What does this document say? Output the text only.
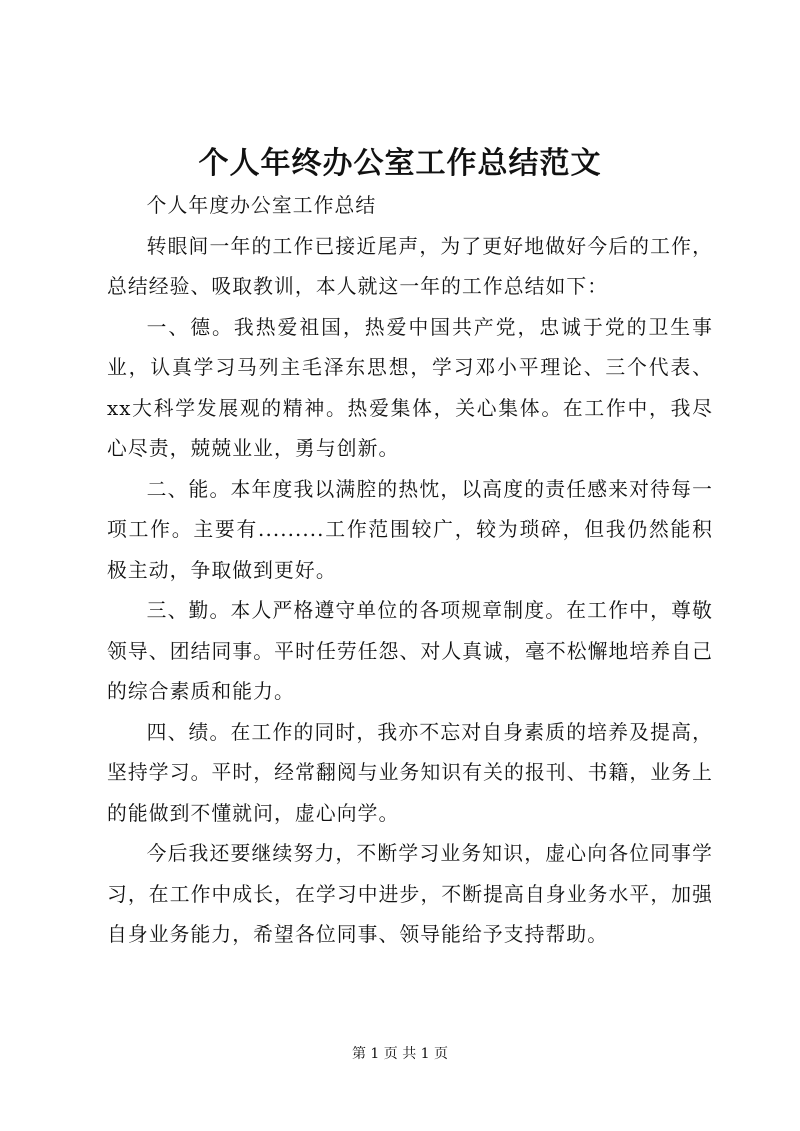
个人年终办公室工作总结范文

个人年度办公室工作总结

转眼间一年的工作已接近尾声，为了更好地做好今后的工作，总结经验、吸取教训，本人就这一年的工作总结如下：

一、德。我热爱祖国，热爱中国共产党，忠诚于党的卫生事业，认真学习马列主毛泽东思想，学习邓小平理论、三个代表、xx大科学发展观的精神。热爱集体，关心集体。在工作中，我尽心尽责，兢兢业业，勇与创新。

二、能。本年度我以满腔的热忱，以高度的责任感来对待每一项工作。主要有.........工作范围较广，较为琐碎，但我仍然能积极主动，争取做到更好。

三、勤。本人严格遵守单位的各项规章制度。在工作中，尊敬领导、团结同事。平时任劳任怨、对人真诚，毫不松懈地培养自己的综合素质和能力。

四、绩。在工作的同时，我亦不忘对自身素质的培养及提高，坚持学习。平时，经常翻阅与业务知识有关的报刊、书籍，业务上的能做到不懂就问，虚心向学。

今后我还要继续努力，不断学习业务知识，虚心向各位同事学习，在工作中成长，在学习中进步，不断提高自身业务水平，加强自身业务能力，希望各位同事、领导能给予支持帮助。

第 1 页 共 1 页
